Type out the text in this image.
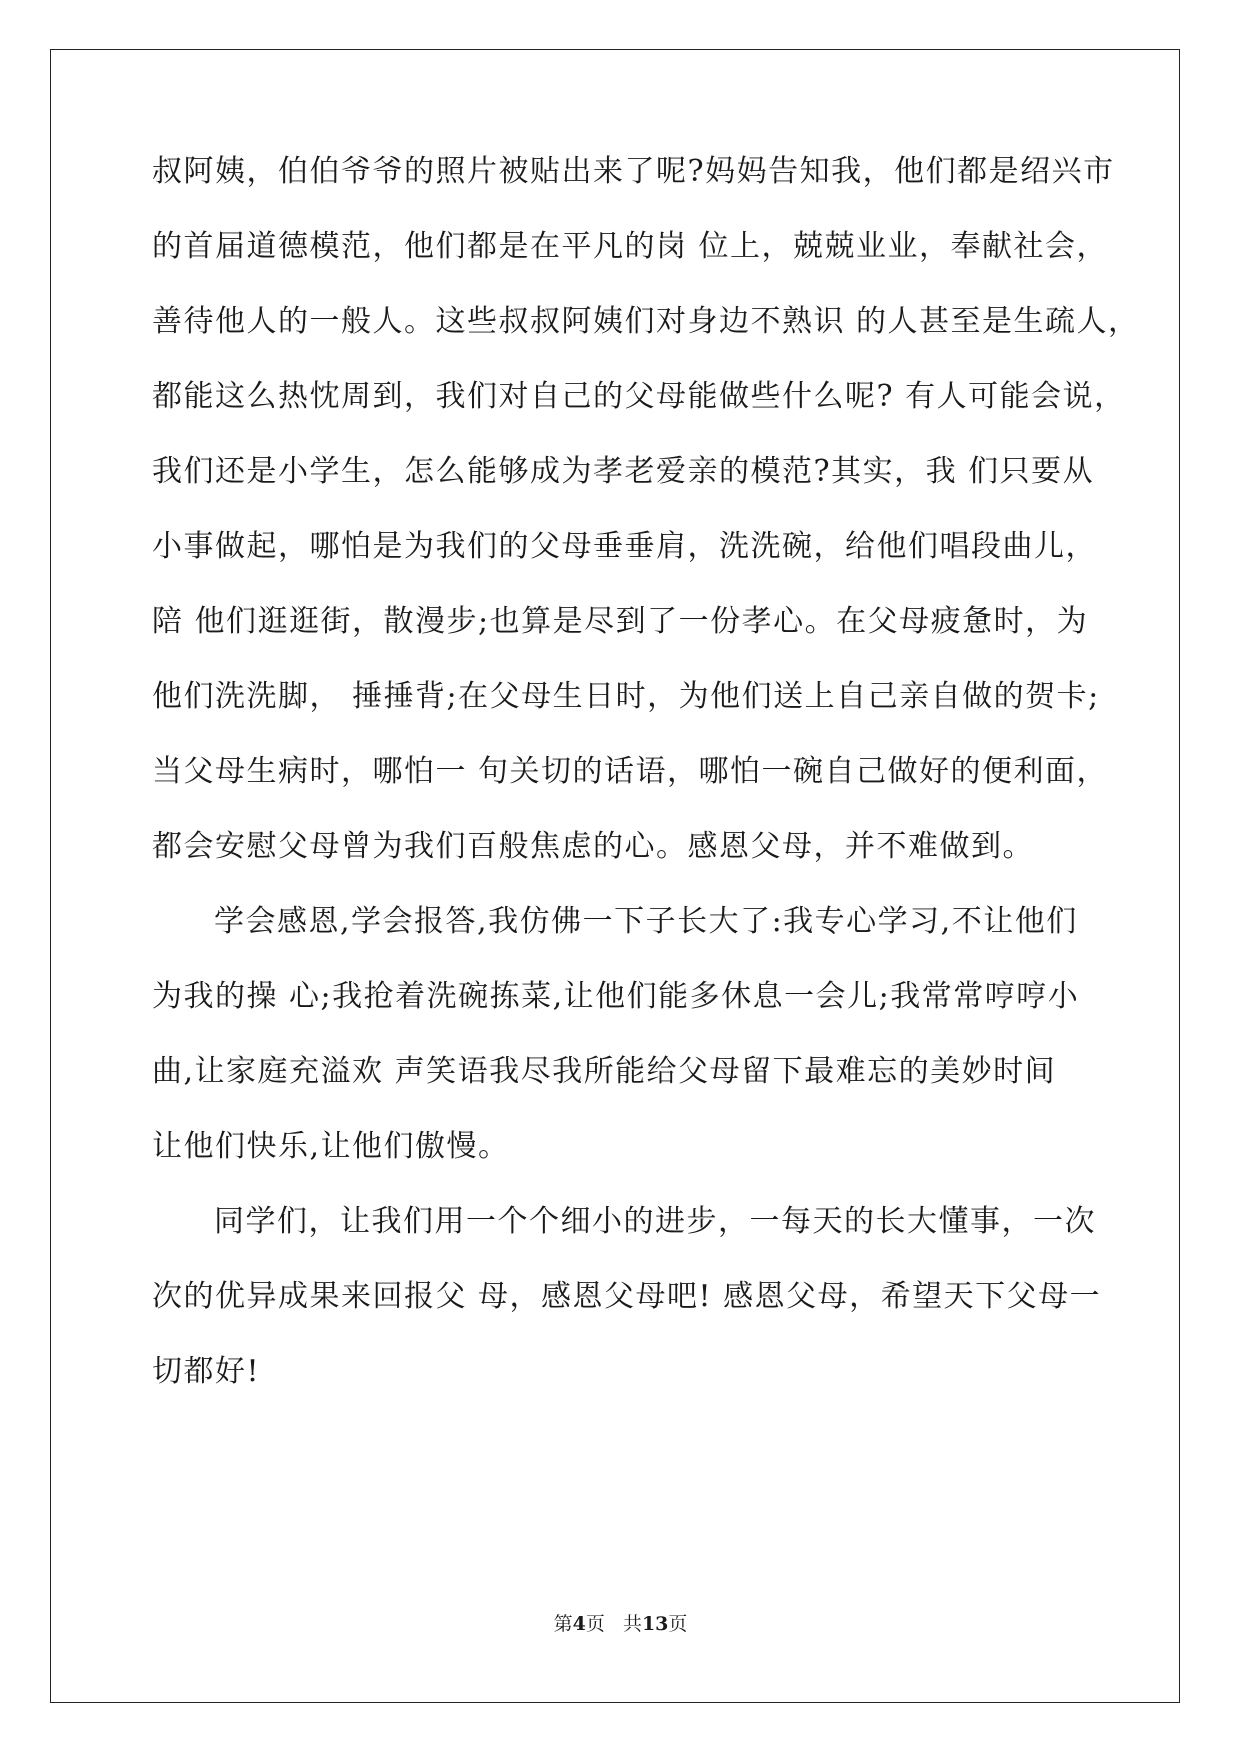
叔阿姨，伯伯爷爷的照片被贴出来了呢?妈妈告知我，他们都是绍兴市
的首届道德模范，他们都是在平凡的岗 位上，兢兢业业，奉献社会，
善待他人的一般人。这些叔叔阿姨们对身边不熟识 的人甚至是生疏人，
都能这么热忱周到，我们对自己的父母能做些什么呢? 有人可能会说，
我们还是小学生，怎么能够成为孝老爱亲的模范?其实，我 们只要从
小事做起，哪怕是为我们的父母垂垂肩，洗洗碗，给他们唱段曲儿，
陪 他们逛逛街，散漫步;也算是尽到了一份孝心。在父母疲惫时，为
他们洗洗脚， 捶捶背;在父母生日时，为他们送上自己亲自做的贺卡;
当父母生病时，哪怕一 句关切的话语，哪怕一碗自己做好的便利面，
都会安慰父母曾为我们百般焦虑的心。感恩父母，并不难做到。
学会感恩,学会报答,我仿佛一下子长大了:我专心学习,不让他们
为我的操 心;我抢着洗碗拣菜,让他们能多休息一会儿;我常常哼哼小
曲,让家庭充溢欢 声笑语我尽我所能给父母留下最难忘的美妙时间
让他们快乐,让他们傲慢。
同学们，让我们用一个个细小的进步，一每天的长大懂事，一次
次的优异成果来回报父 母，感恩父母吧! 感恩父母，希望天下父母一
切都好!
第4页   共13页
